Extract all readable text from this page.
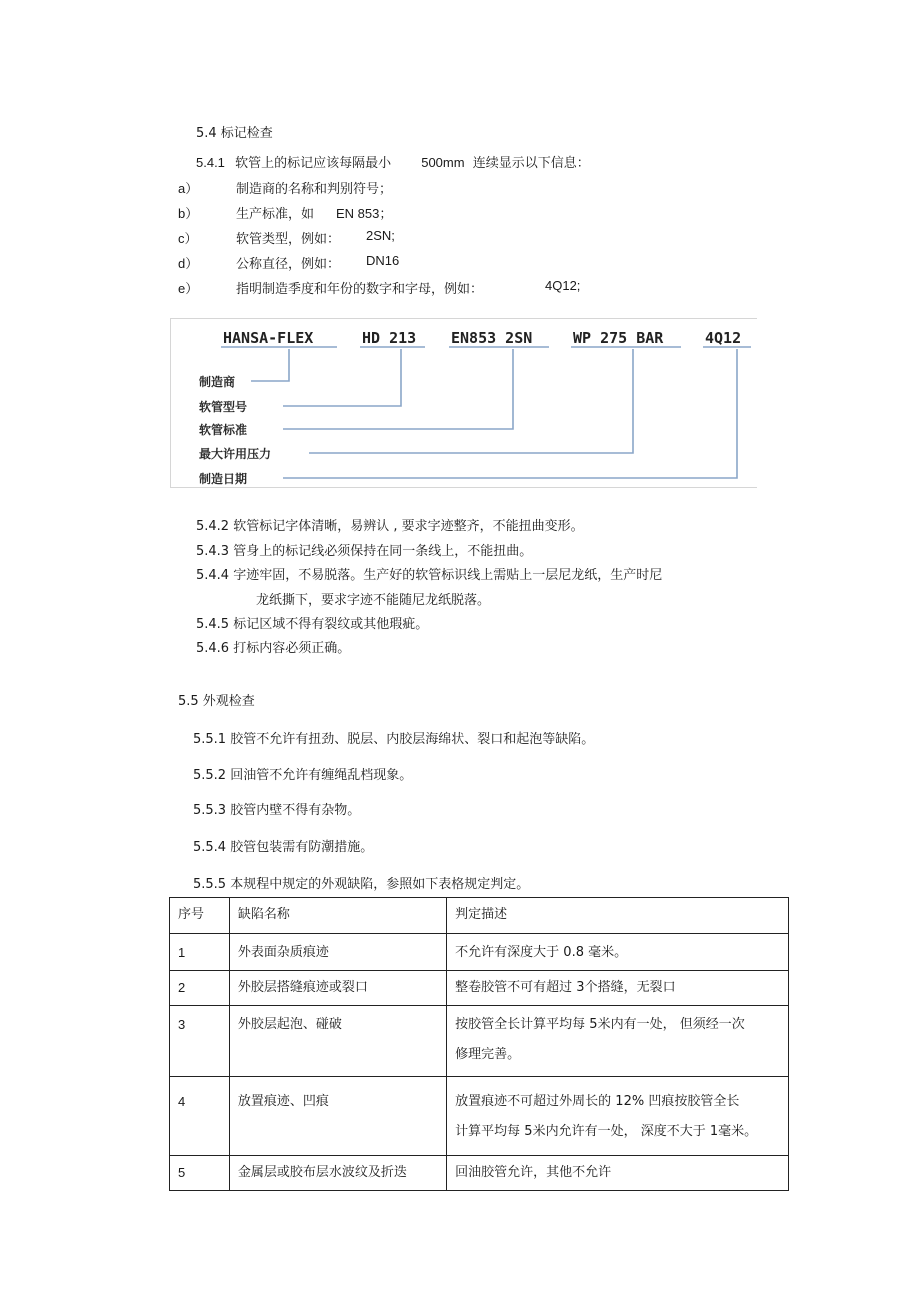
5.4 标记检查
5.4.1 软管上的标记应该每隔最小 500mm 连续显示以下信息：
a）	制造商的名称和判别符号；
b）	生产标准，如 EN 853；
c）	软管类型，例如： 2SN;
d）	公称直径，例如： DN16
e）	指明制造季度和年份的数字和字母，例如：	4Q12;
HANSA-FLEX	HD 213 EN853 2SN	WP 275 BAR	4Q12
制造商
软管型号
软管标准
最大许用压力
制造日期
5.4.2 软管标记字体清晰，易辨认 , 要求字迹整齐，不能扭曲变形。
5.4.3 管身上的标记线必须保持在同一条线上，不能扭曲。
5.4.4 字迹牢固，不易脱落。生产好的软管标识线上需贴上一层尼龙纸，生产时尼
龙纸撕下，要求字迹不能随尼龙纸脱落。
5.4.5 标记区域不得有裂纹或其他瑕疵。
5.4.6 打标内容必须正确。
5.5 外观检查
5.5.1 胶管不允许有扭劲、脱层、内胶层海绵状、裂口和起泡等缺陷。
5.5.2 回油管不允许有缠绳乱档现象。
5.5.3 胶管内壁不得有杂物。
5.5.4 胶管包装需有防潮措施。
5.5.5 本规程中规定的外观缺陷，参照如下表格规定判定。
序号	缺陷名称	判定描述
1	外表面杂质痕迹	不允许有深度大于 0.8 毫米。

2	外胶层搭缝痕迹或裂口	整卷胶管不可有超过 3个搭缝，无裂口

3	外胶层起泡、碰破	按胶管全长计算平均每 5米内有一处， 但须经一次
修理完善。

4	放置痕迹、凹痕	放置痕迹不可超过外周长的 12% 凹痕按胶管全长
计算平均每 5米内允许有一处， 深度不大于 1毫米。

5	金属层或胶布层水波纹及折迭	回油胶管允许，其他不允许
